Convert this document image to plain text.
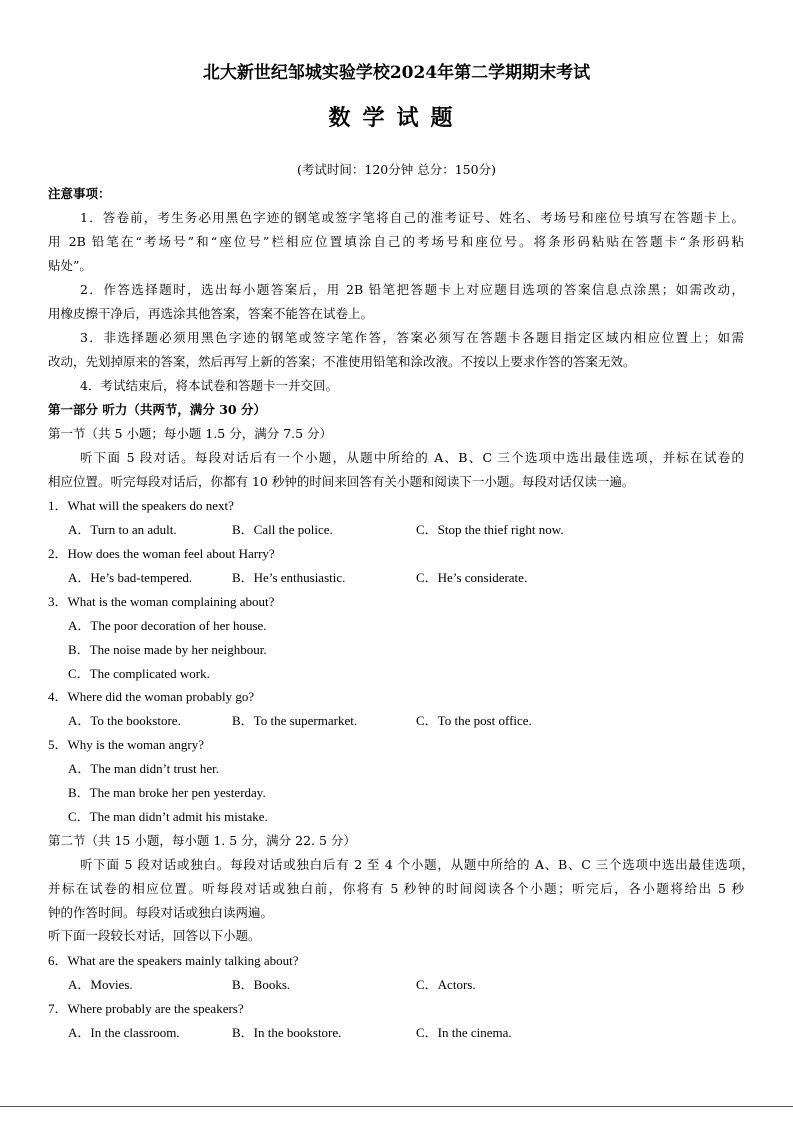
北大新世纪邹城实验学校2024年第二学期期末考试
数学试题
(考试时间：120分钟 总分：150分)
注意事项：
1．答卷前，考生务必用黑色字迹的钢笔或签字笔将自己的准考证号、姓名、考场号和座位号填写在答题卡上。
用 2B 铅笔在“考场号”和“座位号”栏相应位置填涂自己的考场号和座位号。将条形码粘贴在答题卡“条形码粘
贴处”。
2．作答选择题时，选出每小题答案后，用 2B 铅笔把答题卡上对应题目选项的答案信息点涂黑；如需改动，
用橡皮擦干净后，再选涂其他答案，答案不能答在试卷上。
3．非选择题必须用黑色字迹的钢笔或签字笔作答，答案必须写在答题卡各题目指定区域内相应位置上；如需
改动，先划掉原来的答案，然后再写上新的答案；不准使用铅笔和涂改液。不按以上要求作答的答案无效。
4．考试结束后，将本试卷和答题卡一并交回。
第一部分 听力（共两节，满分 30 分）
第一节（共 5 小题；每小题 1.5 分，满分 7.5 分）
听下面 5 段对话。每段对话后有一个小题，从题中所给的 A、B、C 三个选项中选出最佳选项，并标在试卷的
相应位置。听完每段对话后，你都有 10 秒钟的时间来回答有关小题和阅读下一小题。每段对话仅读一遍。
1．What will the speakers do next?
A．Turn to an adult.	B．Call the police.	C．Stop the thief right now.
2．How does the woman feel about Harry?
A．He’s bad-tempered.	B．He’s enthusiastic.	C．He’s considerate.
3．What is the woman complaining about?
A．The poor decoration of her house.
B．The noise made by her neighbour.
C．The complicated work.
4．Where did the woman probably go?
A．To the bookstore.	B．To the supermarket.	C．To the post office.
5．Why is the woman angry?
A．The man didn’t trust her.
B．The man broke her pen yesterday.
C．The man didn’t admit his mistake.
第二节（共 15 小题，每小题 1. 5 分，满分 22. 5 分）
听下面 5 段对话或独白。每段对话或独白后有 2 至 4 个小题，从题中所给的 A、B、C 三个选项中选出最佳选项，
并标在试卷的相应位置。听每段对话或独白前，你将有 5 秒钟的时间阅读各个小题；听完后，各小题将给出 5 秒
钟的作答时间。每段对话或独白读两遍。
听下面一段较长对话，回答以下小题。
6．What are the speakers mainly talking about?
A．Movies.	B．Books.	C．Actors.
7．Where probably are the speakers?
A．In the classroom.	B．In the bookstore.	C．In the cinema.
